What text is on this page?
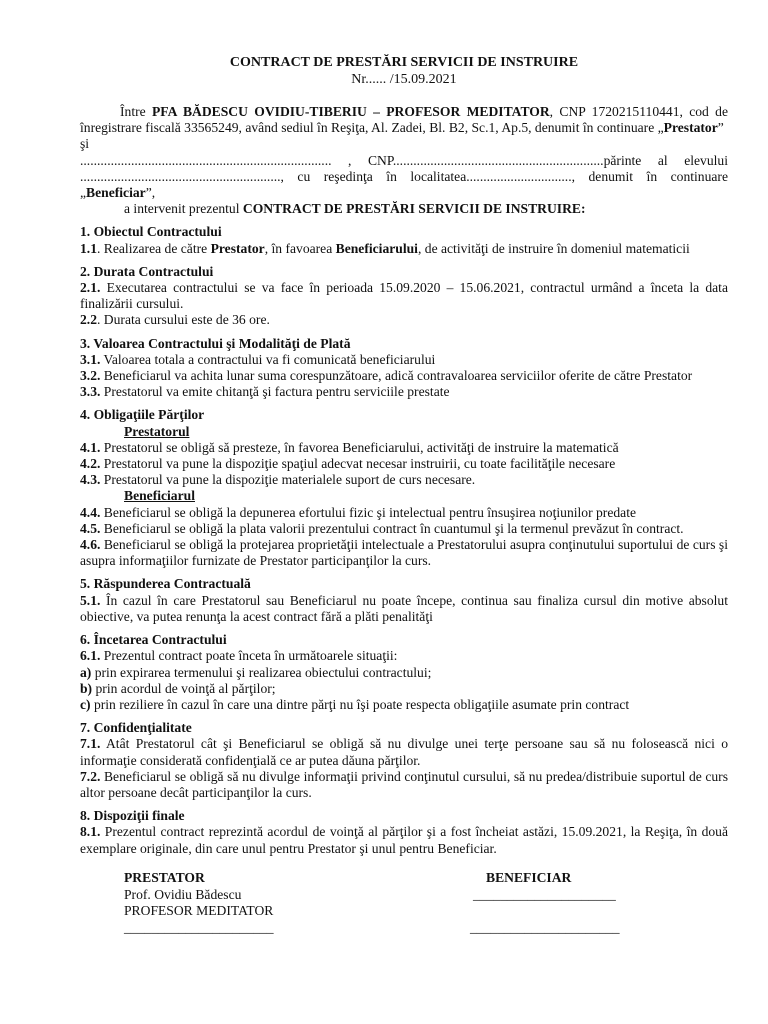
CONTRACT DE PRESTĂRI SERVICII DE INSTRUIRE
Nr...... /15.09.2021

Între PFA BĂDESCU OVIDIU-TIBERIU – PROFESOR MEDITATOR, CNP 1720215110441, cod de înregistrare fiscală 33565249, având sediul în Reşiţa, Al. Zadei, Bl. B2, Sc.1, Ap.5, denumit în continuare „Prestator”

şi

.......................................................................... , CNP..............................................................părinte al elevului

..........................................................., cu reşedinţa în localitatea..............................., denumit în continuare

„Beneficiar”,

a intervenit prezentul CONTRACT DE PRESTĂRI SERVICII DE INSTRUIRE:

1. Obiectul Contractului

1.1. Realizarea de către Prestator, în favoarea Beneficiarului, de activităţi de instruire în domeniul matematicii

2. Durata Contractului

2.1. Executarea contractului se va face în perioada 15.09.2020 – 15.06.2021, contractul urmând a înceta la data finalizării cursului.

2.2. Durata cursului este de 36 ore.

3. Valoarea Contractului şi Modalităţi de Plată

3.1. Valoarea totala a contractului va fi comunicată beneficiarului

3.2. Beneficiarul va achita lunar suma corespunzătoare, adică contravaloarea serviciilor oferite de către Prestator

3.3. Prestatorul va emite chitanţă şi factura pentru serviciile prestate

4. Obligaţiile Părţilor

Prestatorul

4.1. Prestatorul se obligă să presteze, în favorea Beneficiarului, activităţi de instruire la matematică

4.2. Prestatorul va pune la dispoziţie spaţiul adecvat necesar instruirii, cu toate facilităţile necesare

4.3. Prestatorul va pune la dispoziţie materialele suport de curs necesare.

Beneficiarul

4.4. Beneficiarul se obligă la depunerea efortului fizic şi intelectual pentru însuşirea noţiunilor predate

4.5. Beneficiarul se obligă la plata valorii prezentului contract în cuantumul şi la termenul prevăzut în contract.

4.6. Beneficiarul se obligă la protejarea proprietăţii intelectuale a Prestatorului asupra conţinutului suportului de curs şi asupra informaţiilor furnizate de Prestator participanţilor la curs.

5. Răspunderea Contractuală

5.1. În cazul în care Prestatorul sau Beneficiarul nu poate începe, continua sau finaliza cursul din motive absolut obiective, va putea renunţa la acest contract fără a plăti penalităţi

6. Încetarea Contractului

6.1. Prezentul contract poate înceta în următoarele situaţii:

a) prin expirarea termenului şi realizarea obiectului contractului;

b) prin acordul de voinţă al părţilor;

c) prin reziliere în cazul în care una dintre părţi nu îşi poate respecta obligaţiile asumate prin contract

7. Confidenţialitate

7.1. Atât Prestatorul cât şi Beneficiarul se obligă să nu divulge unei terţe persoane sau să nu folosească nici o informaţie considerată confidenţială ce ar putea dăuna părţilor.

7.2. Beneficiarul se obligă să nu divulge informaţii privind conţinutul cursului, să nu predea/distribuie suportul de curs altor persoane decât participanţilor la curs.

8. Dispoziţii finale

8.1. Prezentul contract reprezintă acordul de voinţă al părţilor şi a fost încheiat astăzi, 15.09.2021, la Reşiţa, în două exemplare originale, din care unul pentru Prestator şi unul pentru Beneficiar.

PRESTATOR
Prof. Ovidiu Bădescu
PROFESOR MEDITATOR
______________________
BENEFICIAR
_____________________

______________________
